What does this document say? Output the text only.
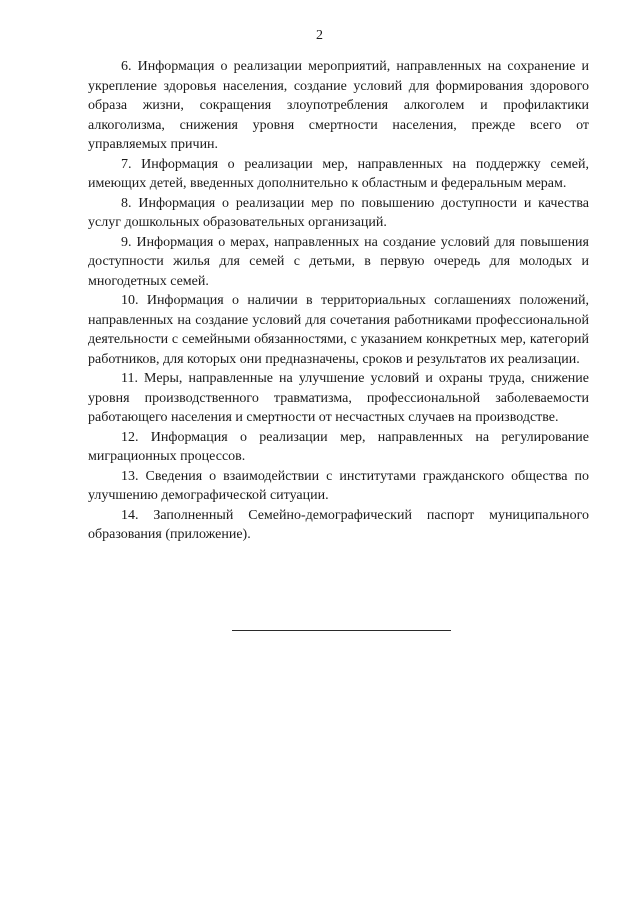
2

6. Информация о реализации мероприятий, направленных на сохранение и укрепление здоровья населения, создание условий для формирования здорового образа жизни, сокращения злоупотребления алкоголем и профилактики алкоголизма, снижения уровня смертности населения, прежде всего от управляемых причин.

7. Информация о реализации мер, направленных на поддержку семей, имеющих детей, введенных дополнительно к областным и федеральным мерам.

8. Информация о реализации мер по повышению доступности и качества услуг дошкольных образовательных организаций.

9. Информация о мерах, направленных на создание условий для повышения доступности жилья для семей с детьми, в первую очередь для молодых и многодетных семей.

10. Информация о наличии в территориальных соглашениях положений, направленных на создание условий для сочетания работниками профессиональной деятельности с семейными обязанностями, с указанием конкретных мер, категорий работников, для которых они предназначены, сроков и результатов их реализации.

11. Меры, направленные на улучшение условий и охраны труда, снижение уровня производственного травматизма, профессиональной заболеваемости работающего населения и смертности от несчастных случаев на производстве.

12. Информация о реализации мер, направленных на регулирование миграционных процессов.

13. Сведения о взаимодействии с институтами гражданского общества по улучшению демографической ситуации.

14. Заполненный Семейно-демографический паспорт муниципального образования (приложение).
